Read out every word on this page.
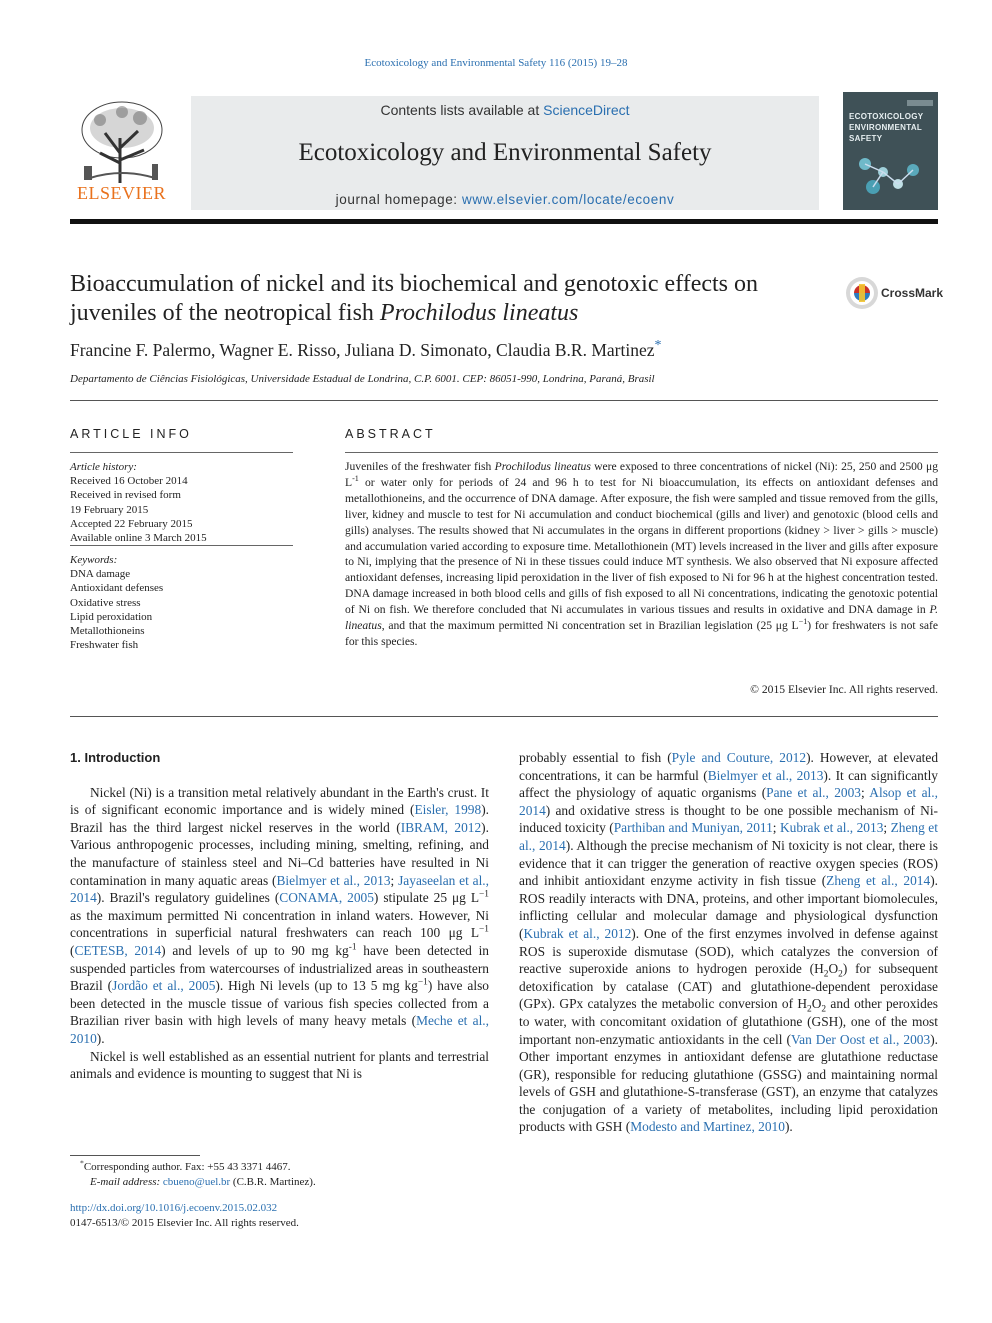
Ecotoxicology and Environmental Safety 116 (2015) 19–28
ELSEVIER
Contents lists available at ScienceDirect
Ecotoxicology and Environmental Safety
journal homepage: www.elsevier.com/locate/ecoenv
ECOTOXICOLOGY
ENVIRONMENTAL
SAFETY
Bioaccumulation of nickel and its biochemical and genotoxic effects on juveniles of the neotropical fish Prochilodus lineatus
CrossMark
Francine F. Palermo, Wagner E. Risso, Juliana D. Simonato, Claudia B.R. Martinez*
Departamento de Ciências Fisiológicas, Universidade Estadual de Londrina, C.P. 6001. CEP: 86051-990, Londrina, Paraná, Brasil
ARTICLE INFO	ABSTRACT
Article history:
Received 16 October 2014
Received in revised form
19 February 2015
Accepted 22 February 2015
Available online 3 March 2015
Keywords:
DNA damage
Antioxidant defenses
Oxidative stress
Lipid peroxidation
Metallothioneins
Freshwater fish
Juveniles of the freshwater fish Prochilodus lineatus were exposed to three concentrations of nickel (Ni): 25, 250 and 2500 μg $L^{-1}$ or water only for periods of 24 and 96 h to test for Ni bioaccumulation, its effects on antioxidant defenses and metallothioneins, and the occurrence of DNA damage. After exposure, the fish were sampled and tissue removed from the gills, liver, kidney and muscle to test for Ni accumulation and conduct biochemical (gills and liver) and genotoxic (blood cells and gills) analyses. The results showed that Ni accumulates in the organs in different proportions (kidney > liver > gills > muscle) and accumulation varied according to exposure time. Metallothionein (MT) levels increased in the liver and gills after exposure to Ni, implying that the presence of Ni in these tissues could induce MT synthesis. We also observed that Ni exposure affected antioxidant defenses, increasing lipid peroxidation in the liver of fish exposed to Ni for 96 h at the highest concentration tested. DNA damage increased in both blood cells and gills of fish exposed to all Ni concentrations, indicating the genotoxic potential of Ni on fish. We therefore concluded that Ni accumulates in various tissues and results in oxidative and DNA damage in P. lineatus, and that the maximum permitted Ni concentration set in Brazilian legislation (25 μg $L^{-1}$) for freshwaters is not safe for this species.
© 2015 Elsevier Inc. All rights reserved.
1. Introduction

Nickel (Ni) is a transition metal relatively abundant in the Earth's crust. It is of significant economic importance and is widely mined (Eisler, 1998). Brazil has the third largest nickel reserves in the world (IBRAM, 2012). Various anthropogenic processes, including mining, smelting, refining, and the manufacture of stainless steel and Ni–Cd batteries have resulted in Ni contamination in many aquatic areas (Bielmyer et al., 2013; Jayaseelan et al., 2014). Brazil's regulatory guidelines (CONAMA, 2005) stipulate 25 μg $L^{-1}$ as the maximum permitted Ni concentration in inland waters. However, Ni concentrations in superficial natural freshwaters can reach 100 μg $L^{-1}$ (CETESB, 2014) and levels of up to 90 mg $kg^{-1}$ have been detected in suspended particles from watercourses of industrialized areas in southeastern Brazil (Jordão et al., 2005). High Ni levels (up to 13 5 mg $kg^{-1}$) have also been detected in the muscle tissue of various fish species collected from a Brazilian river basin with high levels of many heavy metals (Meche et al., 2010).

Nickel is well established as an essential nutrient for plants and terrestrial animals and evidence is mounting to suggest that Ni is

probably essential to fish (Pyle and Couture, 2012). However, at elevated concentrations, it can be harmful (Bielmyer et al., 2013). It can significantly affect the physiology of aquatic organisms (Pane et al., 2003; Alsop et al., 2014) and oxidative stress is thought to be one possible mechanism of Ni-induced toxicity (Parthiban and Muniyan, 2011; Kubrak et al., 2013; Zheng et al., 2014). Although the precise mechanism of Ni toxicity is not clear, there is evidence that it can trigger the generation of reactive oxygen species (ROS) and inhibit antioxidant enzyme activity in fish tissue (Zheng et al., 2014). ROS readily interacts with DNA, proteins, and other important biomolecules, inflicting cellular and molecular damage and physiological dysfunction (Kubrak et al., 2012). One of the first enzymes involved in defense against ROS is superoxide dismutase (SOD), which catalyzes the conversion of reactive superoxide anions to hydrogen peroxide $(H_2O_2)$ for subsequent detoxification by catalase (CAT) and glutathione-dependent peroxidase (GPx). GPx catalyzes the metabolic conversion of $H_2O_2$ and other peroxides to water, with concomitant oxidation of glutathione (GSH), one of the most important non-enzymatic antioxidants in the cell (Van Der Oost et al., 2003). Other important enzymes in antioxidant defense are glutathione reductase (GR), responsible for reducing glutathione (GSSG) and maintaining normal levels of GSH and glutathione-S-transferase (GST), an enzyme that catalyzes the conjugation of a variety of metabolites, including lipid peroxidation products with GSH (Modesto and Martinez, 2010).

*Corresponding author. Fax: +55 43 3371 4467.
E-mail address: cbueno@uel.br (C.B.R. Martinez).
http://dx.doi.org/10.1016/j.ecoenv.2015.02.032
0147-6513/© 2015 Elsevier Inc. All rights reserved.
